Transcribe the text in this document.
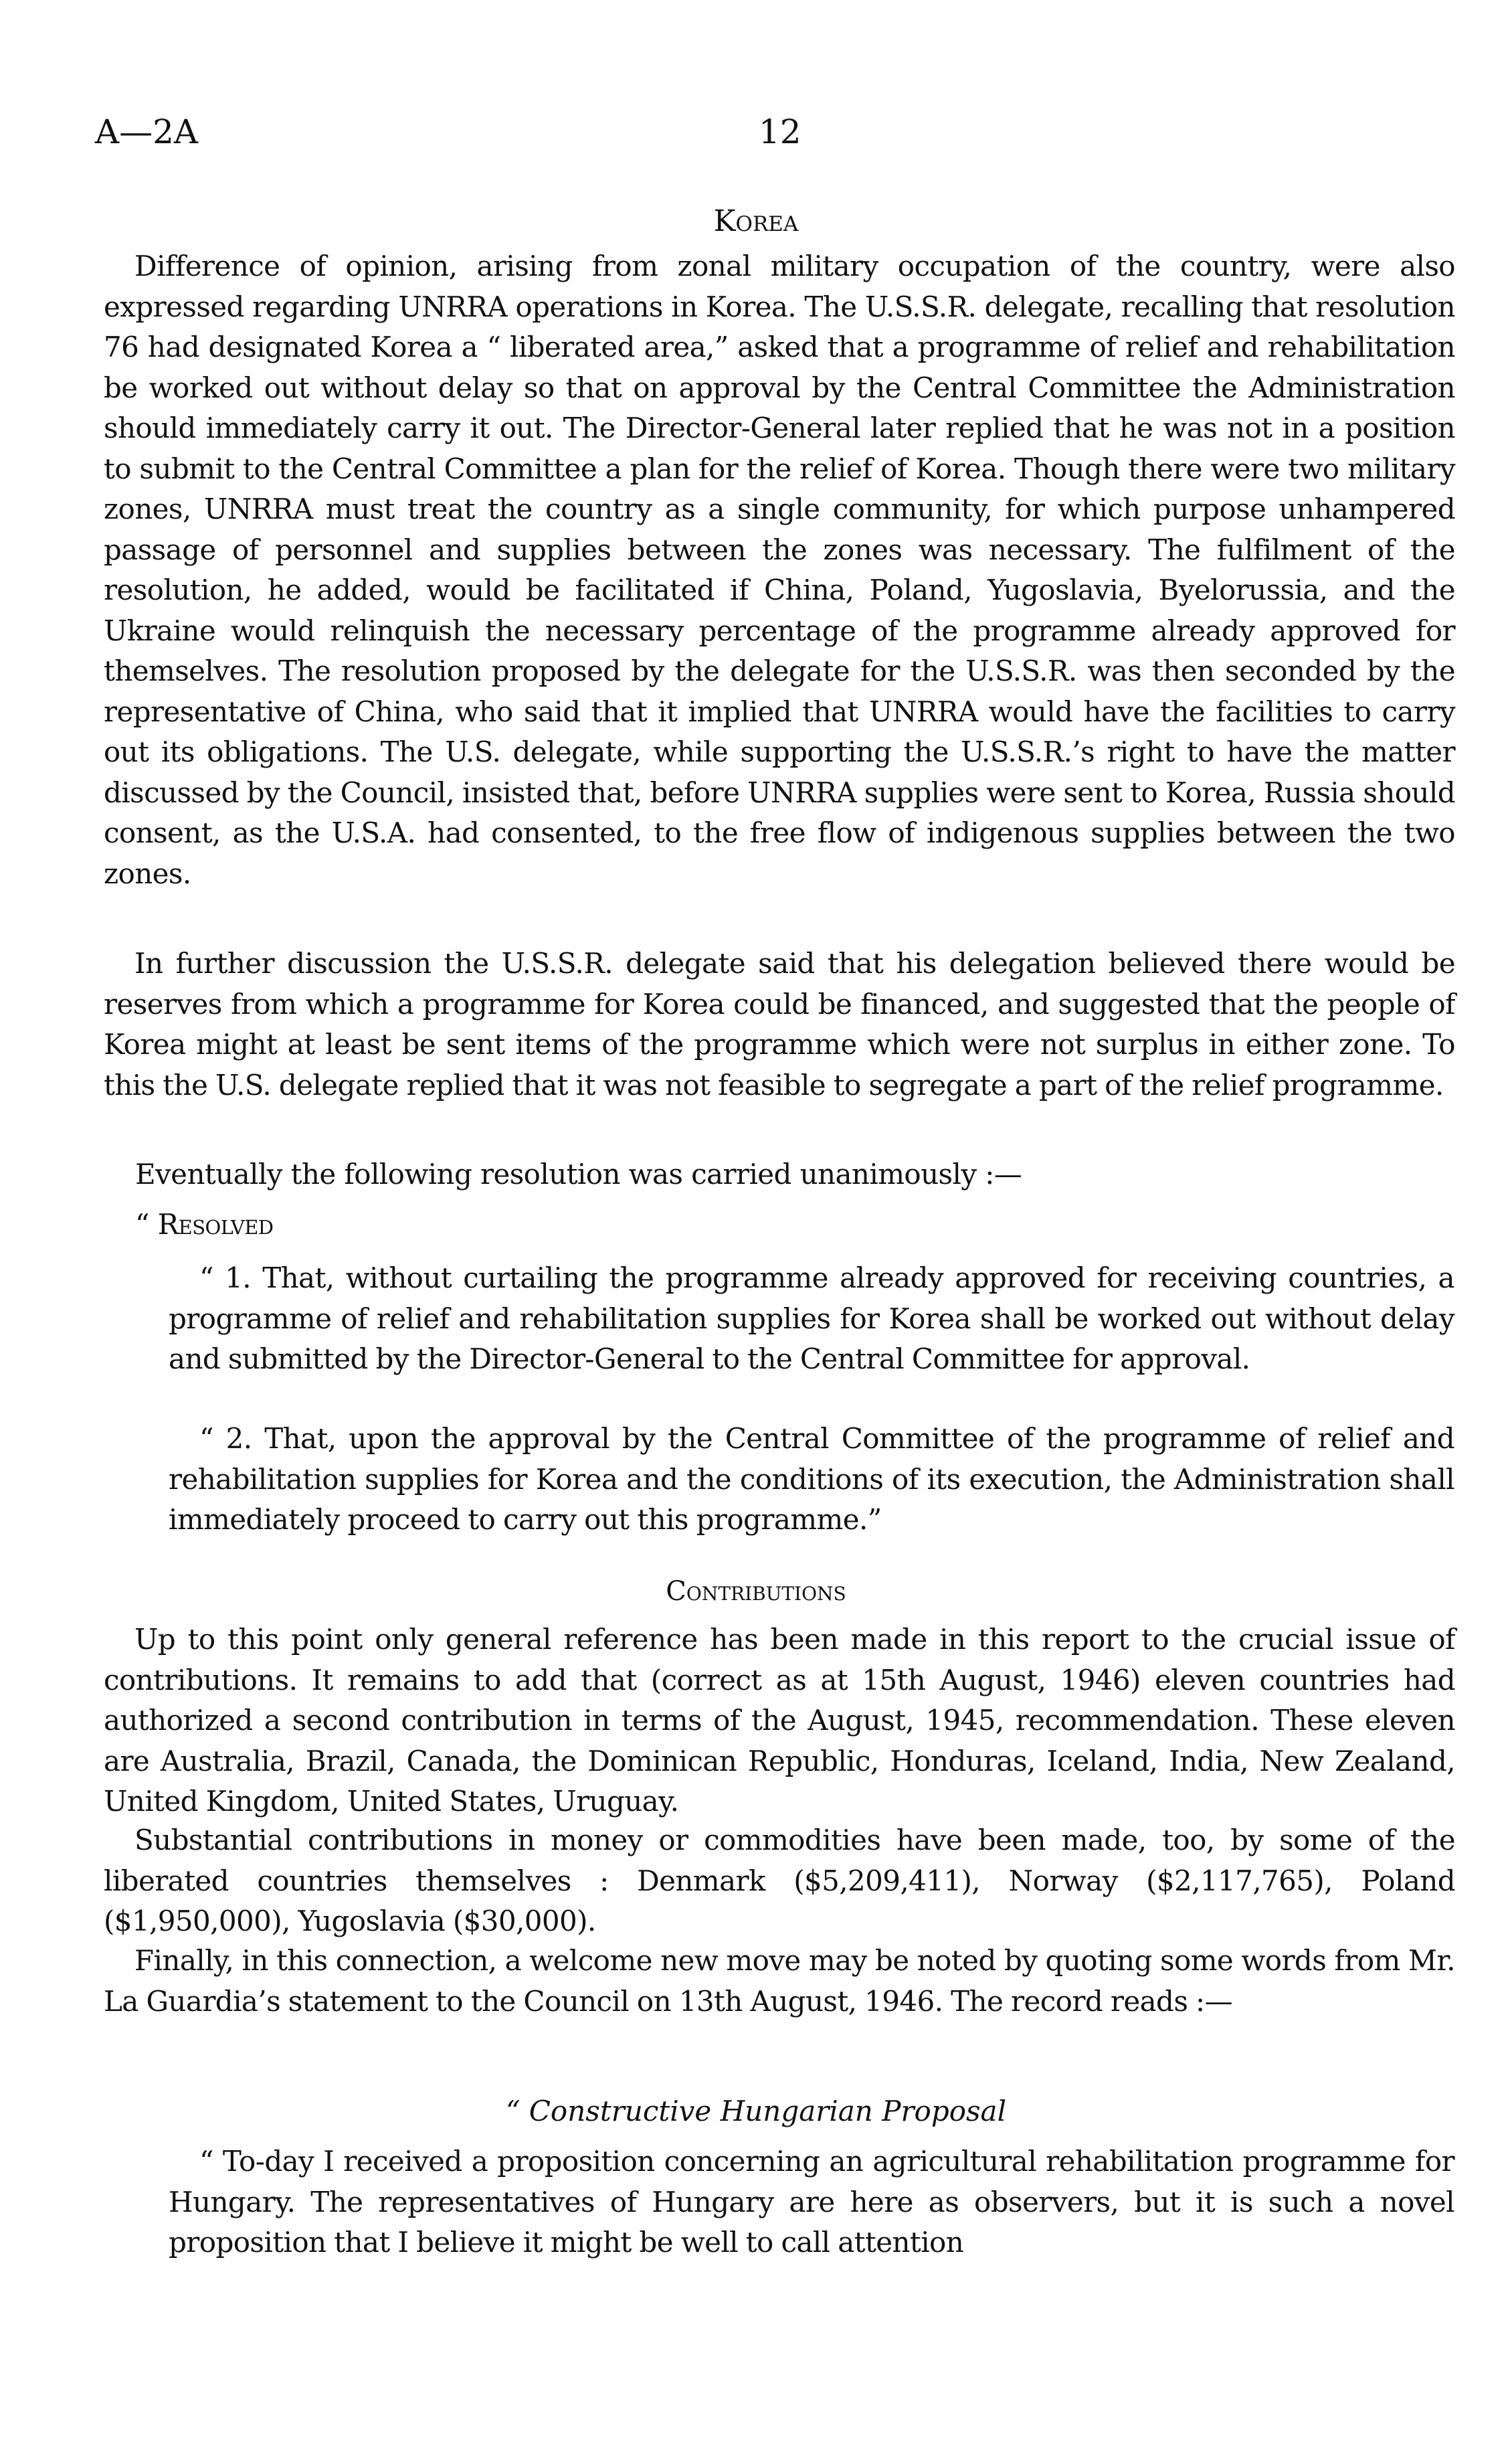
A—2A	12
Korea

Difference of opinion, arising from zonal military occupation of the country, were also expressed regarding UNRRA operations in Korea. The U.S.S.R. delegate, recalling that resolution 76 had designated Korea a “ liberated area,” asked that a programme of relief and rehabilitation be worked out without delay so that on approval by the Central Committee the Administration should immediately carry it out. The Director-General later replied that he was not in a position to submit to the Central Committee a plan for the relief of Korea. Though there were two military zones, UNRRA must treat the country as a single community, for which purpose unhampered passage of personnel and supplies between the zones was necessary. The fulfilment of the resolution, he added, would be facilitated if China, Poland, Yugoslavia, Byelorussia, and the Ukraine would relinquish the necessary percentage of the programme already approved for themselves. The resolution proposed by the delegate for the U.S.S.R. was then seconded by the representative of China, who said that it implied that UNRRA would have the facilities to carry out its obligations. The U.S. delegate, while supporting the U.S.S.R.’s right to have the matter discussed by the Council, insisted that, before UNRRA supplies were sent to Korea, Russia should consent, as the U.S.A. had consented, to the free flow of indigenous supplies between the two zones.

In further discussion the U.S.S.R. delegate said that his delegation believed there would be reserves from which a programme for Korea could be financed, and suggested that the people of Korea might at least be sent items of the programme which were not surplus in either zone. To this the U.S. delegate replied that it was not feasible to segregate a part of the relief programme.

Eventually the following resolution was carried unanimously :—
“ Resolved

“ 1. That, without curtailing the programme already approved for receiving countries, a programme of relief and rehabilitation supplies for Korea shall be worked out without delay and submitted by the Director-General to the Central Committee for approval.

“ 2. That, upon the approval by the Central Committee of the programme of relief and rehabilitation supplies for Korea and the conditions of its execution, the Administration shall immediately proceed to carry out this programme.”

Contributions

Up to this point only general reference has been made in this report to the crucial issue of contributions. It remains to add that (correct as at 15th August, 1946) eleven countries had authorized a second contribution in terms of the August, 1945, recommendation. These eleven are Australia, Brazil, Canada, the Dominican Republic, Honduras, Iceland, India, New Zealand, United Kingdom, United States, Uruguay.

Substantial contributions in money or commodities have been made, too, by some of the liberated countries themselves : Denmark ($5,209,411), Norway ($2,117,765), Poland ($1,950,000), Yugoslavia ($30,000).

Finally, in this connection, a welcome new move may be noted by quoting some words from Mr. La Guardia’s statement to the Council on 13th August, 1946. The record reads :—

“ Constructive Hungarian Proposal

“ To-day I received a proposition concerning an agricultural rehabilitation programme for Hungary. The representatives of Hungary are here as observers, but it is such a novel proposition that I believe it might be well to call attention
